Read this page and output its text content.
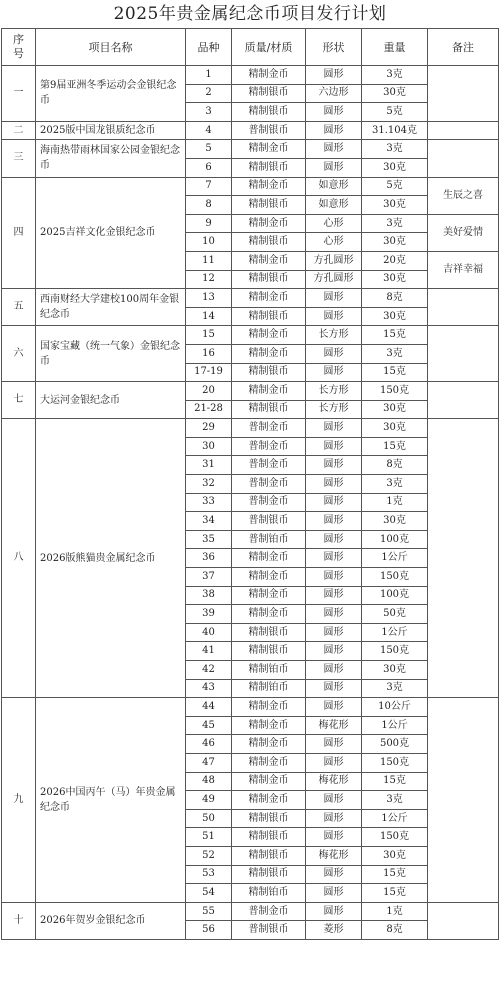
2025年贵金属纪念币项目发行计划
序
号	项目名称	品种	质量/材质	形状	重量	备注
一	第9届亚洲冬季运动会金银纪念币	1	精制金币	圆形	3克	
		2	精制银币	六边形	30克	
		3	精制银币	圆形	5克	
二	2025版中国龙银质纪念币	4	普制银币	圆形	31.104克	
三	海南热带雨林国家公园金银纪念币	5	精制金币	圆形	3克	
		6	精制银币	圆形	30克	
四	2025吉祥文化金银纪念币	7	精制金币	如意形	5克	生辰之喜
		8	精制银币	如意形	30克	
		9	精制金币	心形	3克	美好爱情
		10	精制银币	心形	30克	
		11	精制金币	方孔圆形	20克	吉祥幸福
		12	精制银币	方孔圆形	30克	
五	西南财经大学建校100周年金银纪念币	13	精制金币	圆形	8克	
		14	精制银币	圆形	30克	
六	国家宝藏（统一气象）金银纪念币	15	精制金币	长方形	15克	
		16	精制金币	圆形	3克	
		17-19	精制银币	圆形	15克	
七	大运河金银纪念币	20	精制金币	长方形	150克	
		21-28	精制银币	长方形	30克	
八	2026版熊猫贵金属纪念币	29	普制金币	圆形	30克	
		30	普制金币	圆形	15克	
		31	普制金币	圆形	8克	
		32	普制金币	圆形	3克	
		33	普制金币	圆形	1克	
		34	普制银币	圆形	30克	
		35	普制铂币	圆形	100克	
		36	精制金币	圆形	1公斤	
		37	精制金币	圆形	150克	
		38	精制金币	圆形	100克	
		39	精制金币	圆形	50克	
		40	精制银币	圆形	1公斤	
		41	精制银币	圆形	150克	
		42	精制铂币	圆形	30克	
		43	精制铂币	圆形	3克	
九	2026中国丙午（马）年贵金属纪念币	44	精制金币	圆形	10公斤	
		45	精制金币	梅花形	1公斤	
		46	精制金币	圆形	500克	
		47	精制金币	圆形	150克	
		48	精制金币	梅花形	15克	
		49	精制金币	圆形	3克	
		50	精制银币	圆形	1公斤	
		51	精制银币	圆形	150克	
		52	精制银币	梅花形	30克	
		53	精制银币	圆形	15克	
		54	精制铂币	圆形	15克	
十	2026年贺岁金银纪念币	55	普制金币	圆形	1克	
		56	普制银币	菱形	8克	
